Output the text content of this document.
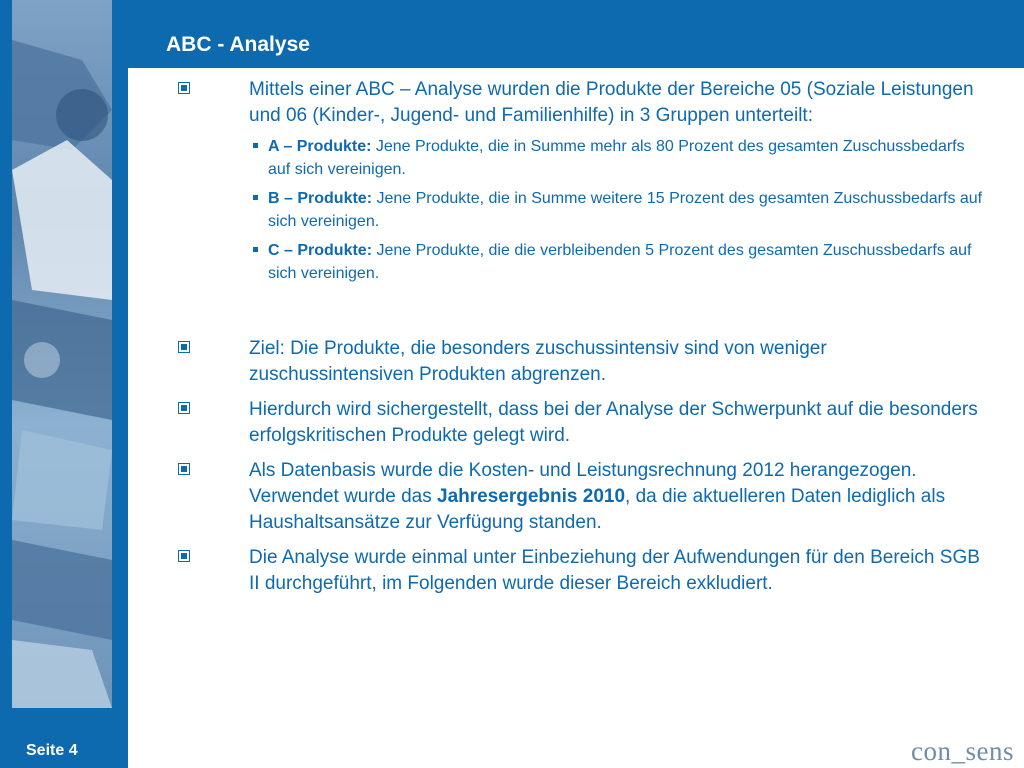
ABC - Analyse
Mittels einer ABC – Analyse wurden die Produkte der Bereiche 05 (Soziale Leistungen und 06 (Kinder-, Jugend- und Familienhilfe) in 3 Gruppen unterteilt:
A – Produkte: Jene Produkte, die in Summe mehr als 80 Prozent des gesamten Zuschussbedarfs auf sich vereinigen.
B – Produkte: Jene Produkte, die in Summe weitere 15 Prozent des gesamten Zuschussbedarfs auf sich vereinigen.
C – Produkte: Jene Produkte, die die verbleibenden 5 Prozent des gesamten Zuschussbedarfs auf sich vereinigen.
Ziel: Die Produkte, die besonders zuschussintensiv sind von weniger zuschussintensiven Produkten abgrenzen.
Hierdurch wird sichergestellt, dass bei der Analyse der Schwerpunkt auf die besonders erfolgskritischen Produkte gelegt wird.
Als Datenbasis wurde die Kosten- und Leistungsrechnung 2012 herangezogen. Verwendet wurde das Jahresergebnis 2010, da die aktuelleren Daten lediglich als Haushaltsansätze zur Verfügung standen.
Die Analyse wurde einmal unter Einbeziehung der Aufwendungen für den Bereich SGB II durchgeführt, im Folgenden wurde dieser Bereich exkludiert.
Seite 4	con_sens
